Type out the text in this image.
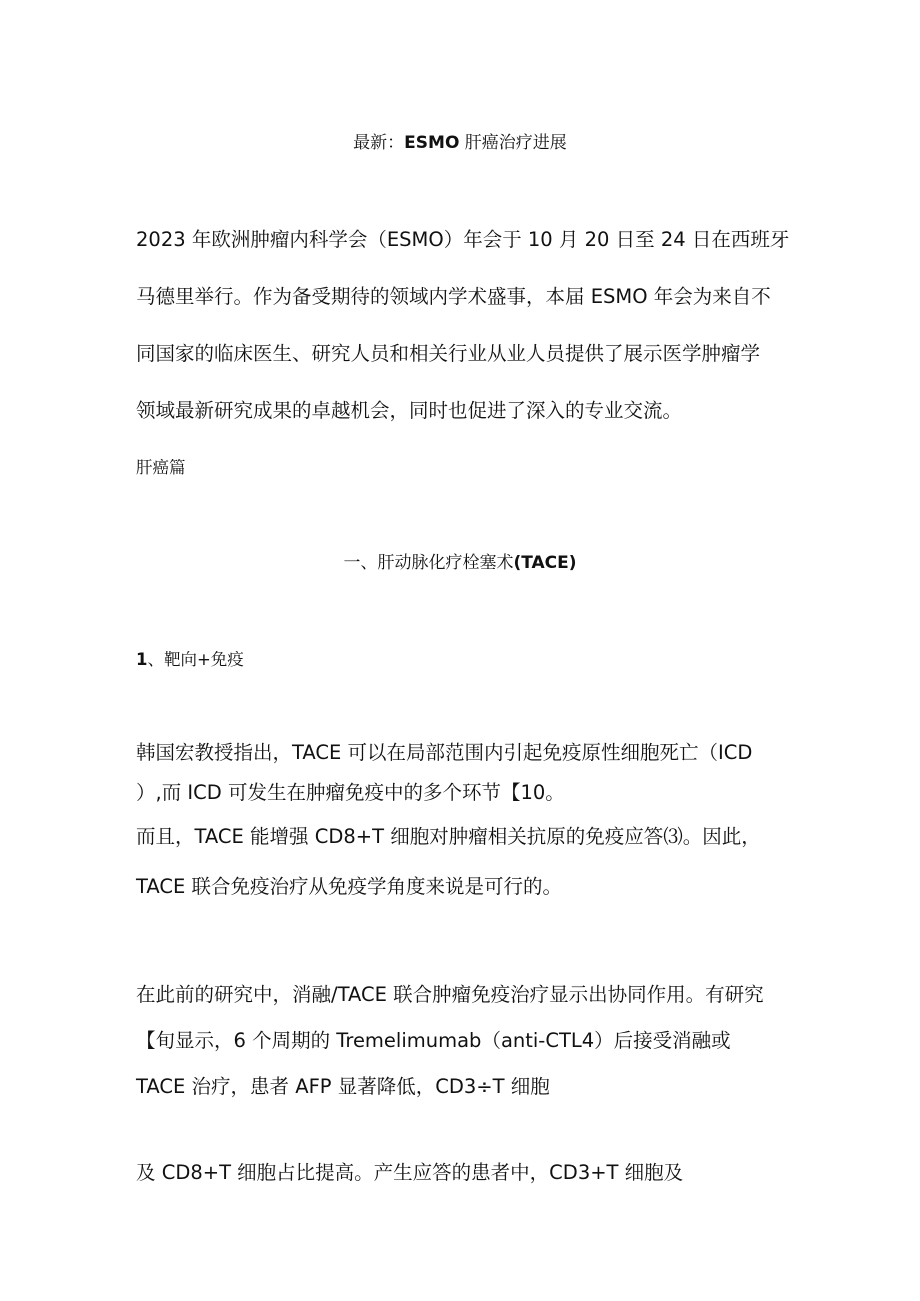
最新：ESMO 肝癌治疗进展
2023 年欧洲肿瘤内科学会（ESMO）年会于 10 月 20 日至 24 日在西班牙
马德里举行。作为备受期待的领域内学术盛事，本届 ESMO 年会为来自不
同国家的临床医生、研究人员和相关行业从业人员提供了展示医学肿瘤学
领域最新研究成果的卓越机会，同时也促进了深入的专业交流。
肝癌篇
一、肝动脉化疗栓塞术(TACE)
1、靶向+免疫
韩国宏教授指出，TACE 可以在局部范围内引起免疫原性细胞死亡（ICD
）,而 ICD 可发生在肿瘤免疫中的多个环节【10。
而且，TACE 能增强 CD8+T 细胞对肿瘤相关抗原的免疫应答⑶。因此，
TACE 联合免疫治疗从免疫学角度来说是可行的。
在此前的研究中，消融/TACE 联合肿瘤免疫治疗显示出协同作用。有研究
【旬显示，6 个周期的 Tremelimumab（anti-CTL4）后接受消融或
TACE 治疗，患者 AFP 显著降低，CD3÷T 细胞
及 CD8+T 细胞占比提高。产生应答的患者中，CD3+T 细胞及
